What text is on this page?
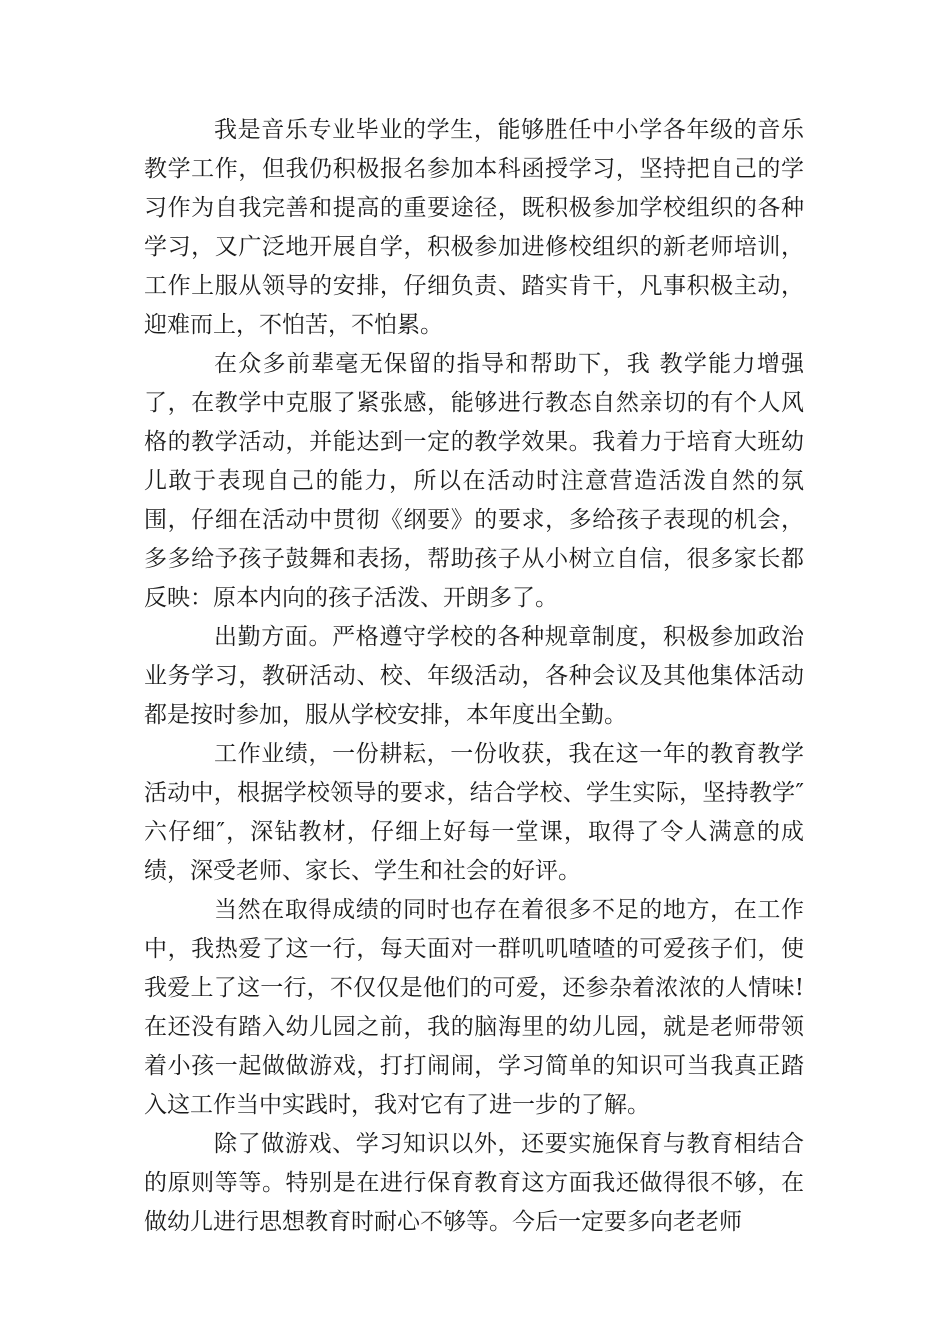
我是音乐专业毕业的学生，能够胜任中小学各年级的音乐教学工作，但我仍积极报名参加本科函授学习，坚持把自己的学习作为自我完善和提高的重要途径，既积极参加学校组织的各种学习，又广泛地开展自学，积极参加进修校组织的新老师培训，工作上服从领导的安排，仔细负责、踏实肯干，凡事积极主动，迎难而上，不怕苦，不怕累。

在众多前辈毫无保留的指导和帮助下，我 教学能力增强了，在教学中克服了紧张感，能够进行教态自然亲切的有个人风格的教学活动，并能达到一定的教学效果。我着力于培育大班幼儿敢于表现自己的能力，所以在活动时注意营造活泼自然的氛围，仔细在活动中贯彻《纲要》的要求，多给孩子表现的机会，多多给予孩子鼓舞和表扬，帮助孩子从小树立自信，很多家长都反映：原本内向的孩子活泼、开朗多了。

出勤方面。严格遵守学校的各种规章制度，积极参加政治业务学习，教研活动、校、年级活动，各种会议及其他集体活动都是按时参加，服从学校安排，本年度出全勤。

工作业绩，一份耕耘，一份收获，我在这一年的教育教学活动中，根据学校领导的要求，结合学校、学生实际，坚持教学″六仔细″，深钻教材，仔细上好每一堂课，取得了令人满意的成绩，深受老师、家长、学生和社会的好评。

当然在取得成绩的同时也存在着很多不足的地方，在工作中，我热爱了这一行，每天面对一群叽叽喳喳的可爱孩子们，使我爱上了这一行，不仅仅是他们的可爱，还参杂着浓浓的人情味!在还没有踏入幼儿园之前，我的脑海里的幼儿园，就是老师带领着小孩一起做做游戏，打打闹闹，学习简单的知识可当我真正踏入这工作当中实践时，我对它有了进一步的了解。

除了做游戏、学习知识以外，还要实施保育与教育相结合的原则等等。特别是在进行保育教育这方面我还做得很不够，在做幼儿进行思想教育时耐心不够等。今后一定要多向老老师
